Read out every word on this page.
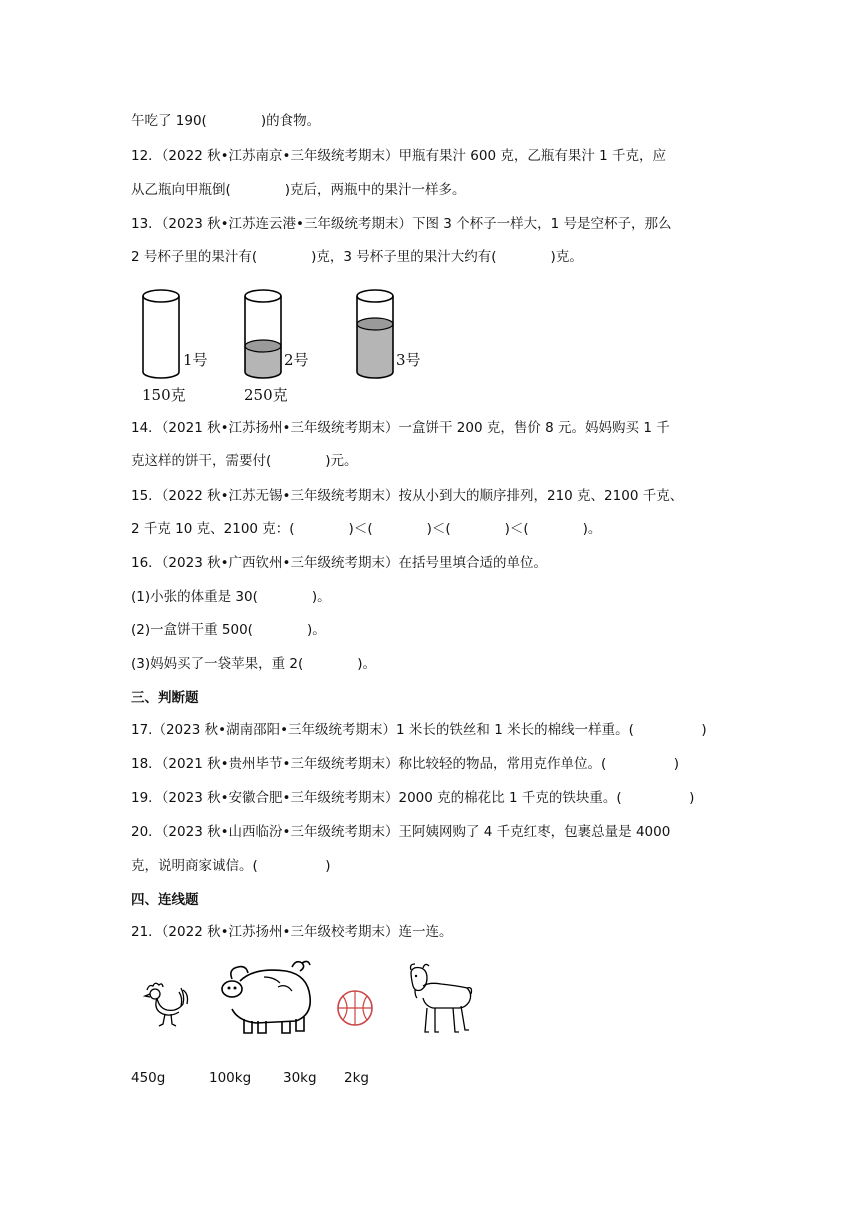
午吃了 190(　　　　)的食物。
12．（2022 秋•江苏南京•三年级统考期末）甲瓶有果汁 600 克，乙瓶有果汁 1 千克，应
从乙瓶向甲瓶倒(　　　　)克后，两瓶中的果汁一样多。
13．（2023 秋•江苏连云港•三年级统考期末）下图 3 个杯子一样大，1 号是空杯子，那么
2 号杯子里的果汁有(　　　　)克，3 号杯子里的果汁大约有(　　　　)克。
1号
150克
2号
250克
3号
14．（2021 秋•江苏扬州•三年级统考期末）一盒饼干 200 克，售价 8 元。妈妈购买 1 千
克这样的饼干，需要付(　　　　)元。
15．（2022 秋•江苏无锡•三年级统考期末）按从小到大的顺序排列，210 克、2100 千克、
2 千克 10 克、2100 克：(　　　　)＜(　　　　)＜(　　　　)＜(　　　　)。
16．（2023 秋•广西钦州•三年级统考期末）在括号里填合适的单位。
(1)小张的体重是 30(　　　　)。
(2)一盒饼干重 500(　　　　)。
(3)妈妈买了一袋苹果，重 2(　　　　)。
三、判断题
17.（2023 秋•湖南邵阳•三年级统考期末）1 米长的铁丝和 1 米长的棉线一样重。(　　　　　)
18．（2021 秋•贵州毕节•三年级统考期末）称比较轻的物品，常用克作单位。(　　　　　)
19．（2023 秋•安徽合肥•三年级统考期末）2000 克的棉花比 1 千克的铁块重。(　　　　　)
20．（2023 秋•山西临汾•三年级统考期末）王阿姨网购了 4 千克红枣，包裹总量是 4000
克，说明商家诚信。(　　　　　)
四、连线题
21．（2022 秋•江苏扬州•三年级校考期末）连一连。
450g	100kg 30kg 2kg
